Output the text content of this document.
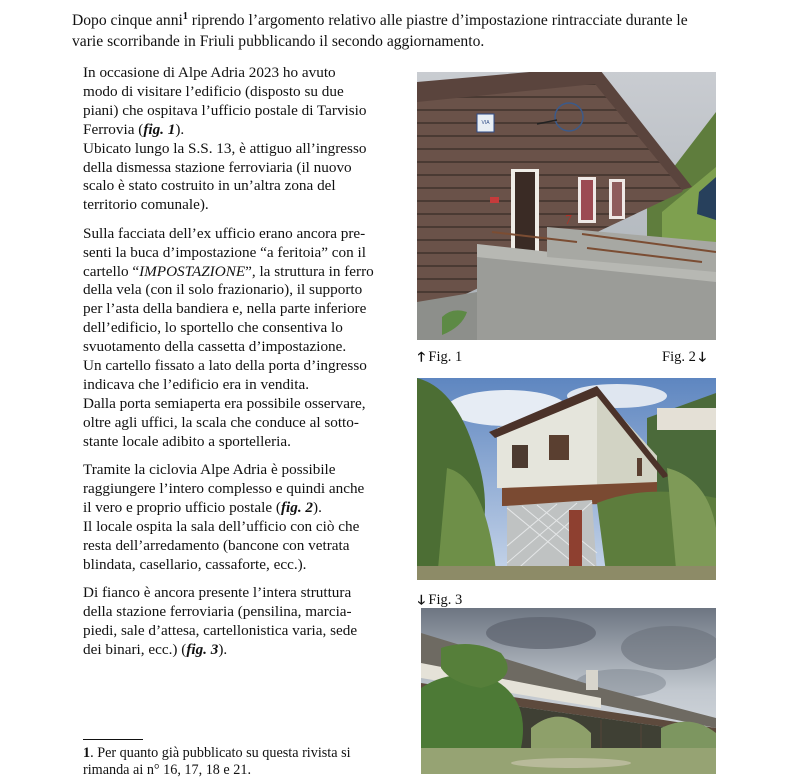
Dopo cinque anni$^1$ riprendo l’argomento relativo alle piastre d’impostazione rintracciate durante le
varie scorribande in Friuli pubblicando il secondo aggiornamento.

In occasione di Alpe Adria 2023 ho avuto
modo di visitare l’edificio (disposto su due
piani) che ospitava l’ufficio postale di Tarvisio
Ferrovia (fig. 1).
Ubicato lungo la S.S. 13, è attiguo all’ingresso
della dismessa stazione ferroviaria (il nuovo
scalo è stato costruito in un’altra zona del
territorio comunale).

Sulla facciata dell’ex ufficio erano ancora pre-
senti la buca d’impostazione “a feritoia” con il
cartello “IMPOSTAZIONE”, la struttura in ferro
della vela (con il solo frazionario), il supporto
per l’asta della bandiera e, nella parte inferiore
dell’edificio, lo sportello che consentiva lo
svuotamento della cassetta d’impostazione.
Un cartello fissato a lato della porta d’ingresso
indicava che l’edificio era in vendita.
Dalla porta semiaperta era possibile osservare,
oltre agli uffici, la scala che conduce al sotto-
stante locale adibito a sportelleria.

Tramite la ciclovia Alpe Adria è possibile
raggiungere l’intero complesso e quindi anche
il vero e proprio ufficio postale (fig. 2).
Il locale ospita la sala dell’ufficio con ciò che
resta dell’arredamento (bancone con vetrata
blindata, casellario, cassaforte, ecc.).

Di fianco è ancora presente l’intera struttura
della stazione ferroviaria (pensilina, marcia-
piedi, sale d’attesa, cartellonistica varia, sede
dei binari, ecc.) (fig. 3).

VIA
7
🡑 Fig. 1	Fig. 2 🡓
🡓 Fig. 3
1. Per quanto già pubblicato su questa rivista si
rimanda ai n° 16, 17, 18 e 21.
